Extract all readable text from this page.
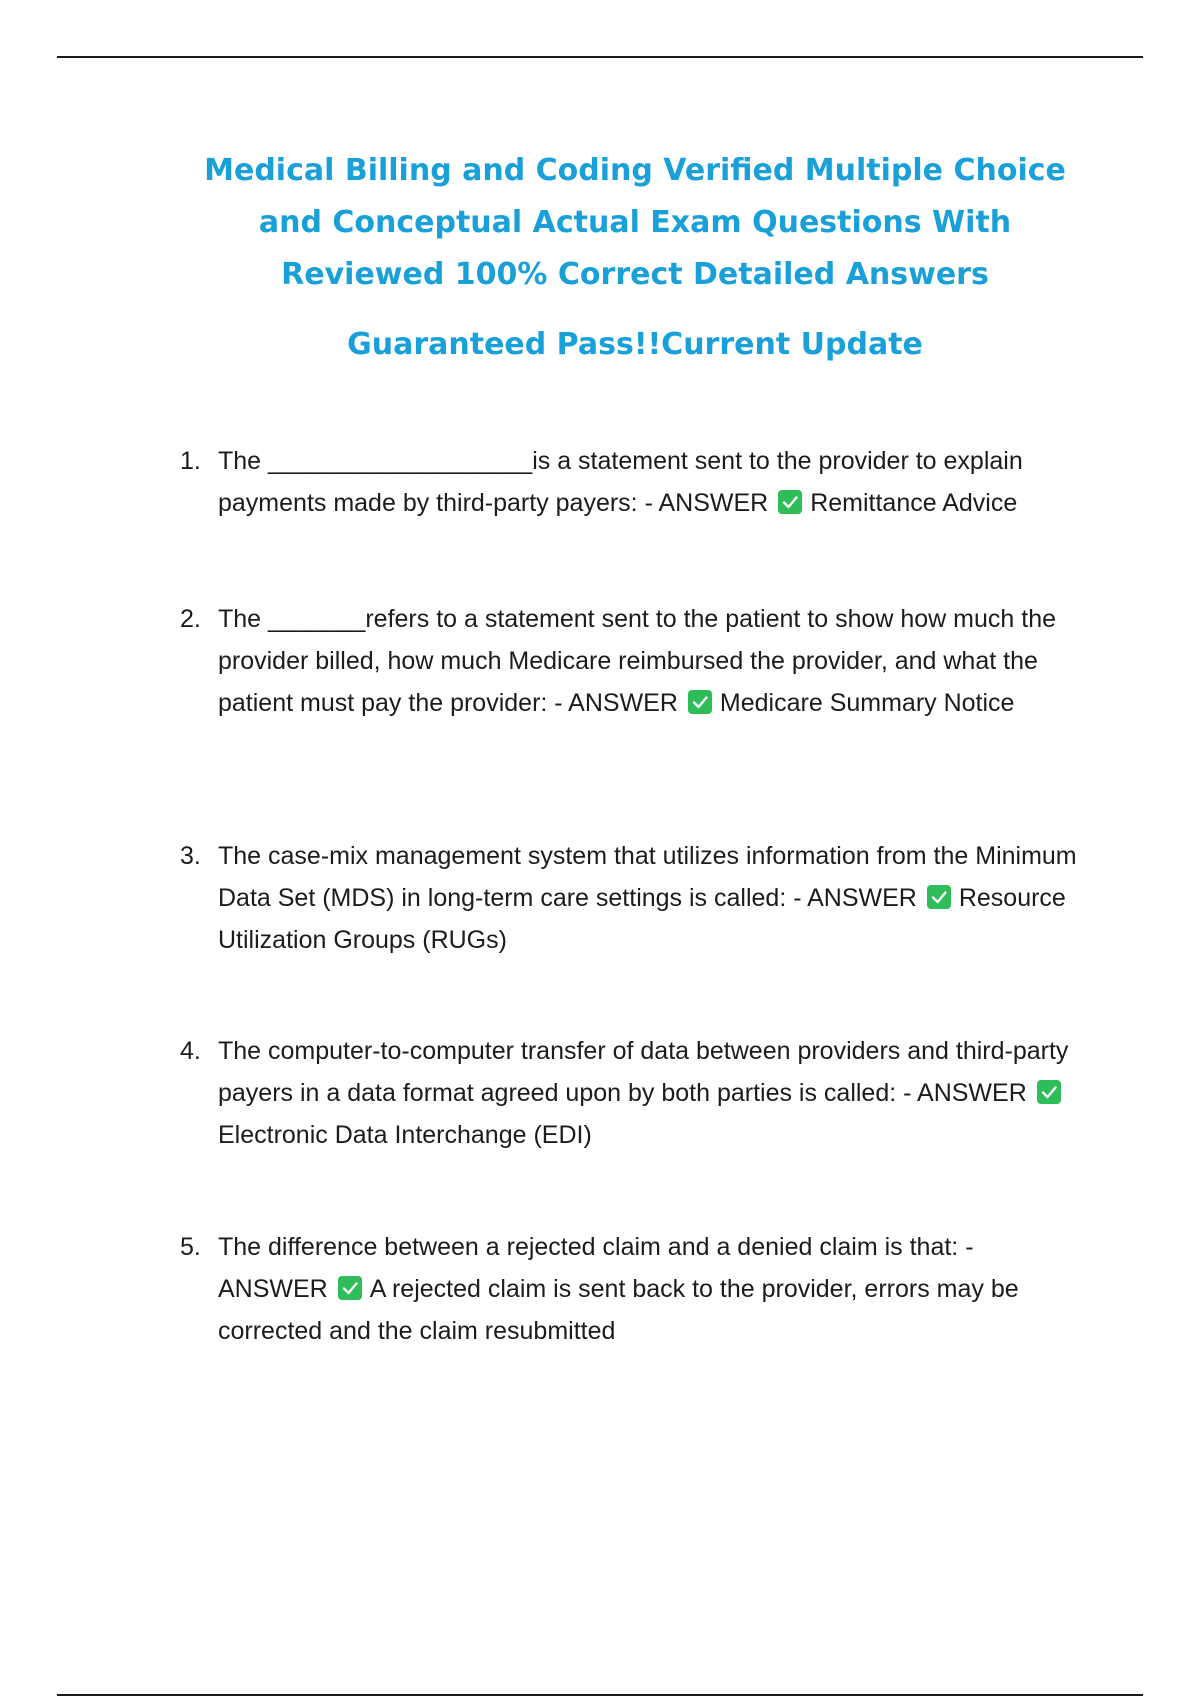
Medical Billing and Coding Verified Multiple Choice
and Conceptual Actual Exam Questions With
Reviewed 100% Correct Detailed Answers
Guaranteed Pass!!Current Update
1. The ___________________is a statement sent to the provider to explain payments made by third-party payers: - ANSWER Remittance Advice
2. The _______refers to a statement sent to the patient to show how much the provider billed, how much Medicare reimbursed the provider, and what the patient must pay the provider: - ANSWER Medicare Summary Notice
3. The case-mix management system that utilizes information from the Minimum Data Set (MDS) in long-term care settings is called: - ANSWER Resource Utilization Groups (RUGs)
4. The computer-to-computer transfer of data between providers and third-party payers in a data format agreed upon by both parties is called: - ANSWER
Electronic Data Interchange (EDI)
5. The difference between a rejected claim and a denied claim is that: - ANSWER A rejected claim is sent back to the provider, errors may be corrected and the claim resubmitted
